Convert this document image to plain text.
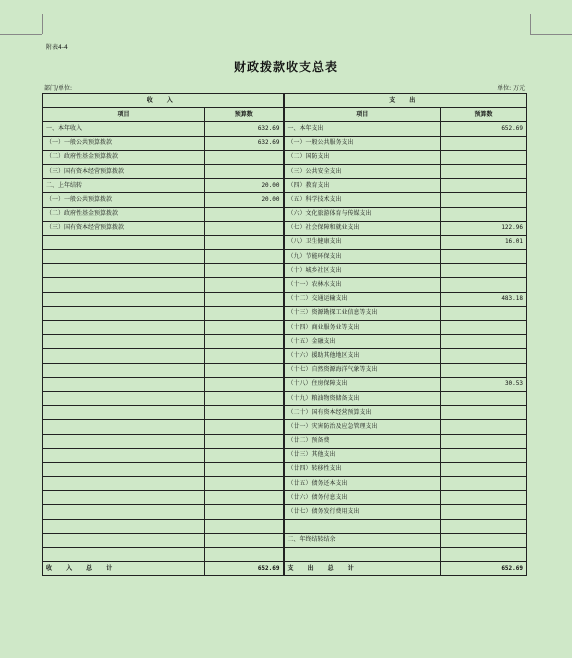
附表4-4
财政拨款收支总表
部门/单位:	单位: 万元
收 入		支 出	
项目	预算数	项目	预算数
一、本年收入	632.69	一、本年支出	652.69
（一）一般公共预算拨款	632.69	（一）一般公共服务支出	
（二）政府性基金预算拨款		（二）国防支出	
（三）国有资本经营预算拨款		（三）公共安全支出	
二、上年结转	20.00	（四）教育支出	
（一）一般公共预算拨款	20.00	（五）科学技术支出	
（二）政府性基金预算拨款		（六）文化旅游体育与传媒支出	
（三）国有资本经营预算拨款		（七）社会保障和就业支出	122.96
		（八）卫生健康支出	16.01
		（九）节能环保支出	
		（十）城乡社区支出	
		（十一）农林水支出	
		（十二）交通运输支出	483.18
		（十三）资源勘探工业信息等支出	
		（十四）商业服务业等支出	
		（十五）金融支出	
		（十六）援助其他地区支出	
		（十七）自然资源海洋气象等支出	
		（十八）住房保障支出	30.53
		（十九）粮油物资储备支出	
		（二十）国有资本经营预算支出	
		（廿一）灾害防治及应急管理支出	
		（廿二）预备费	
		（廿三）其他支出	
		（廿四）转移性支出	
		（廿五）债务还本支出	
		（廿六）债务付息支出	
		（廿七）债务发行费用支出	

		二、年终结转结余	

收 入 总 计	652.69	支 出 总 计	652.69
